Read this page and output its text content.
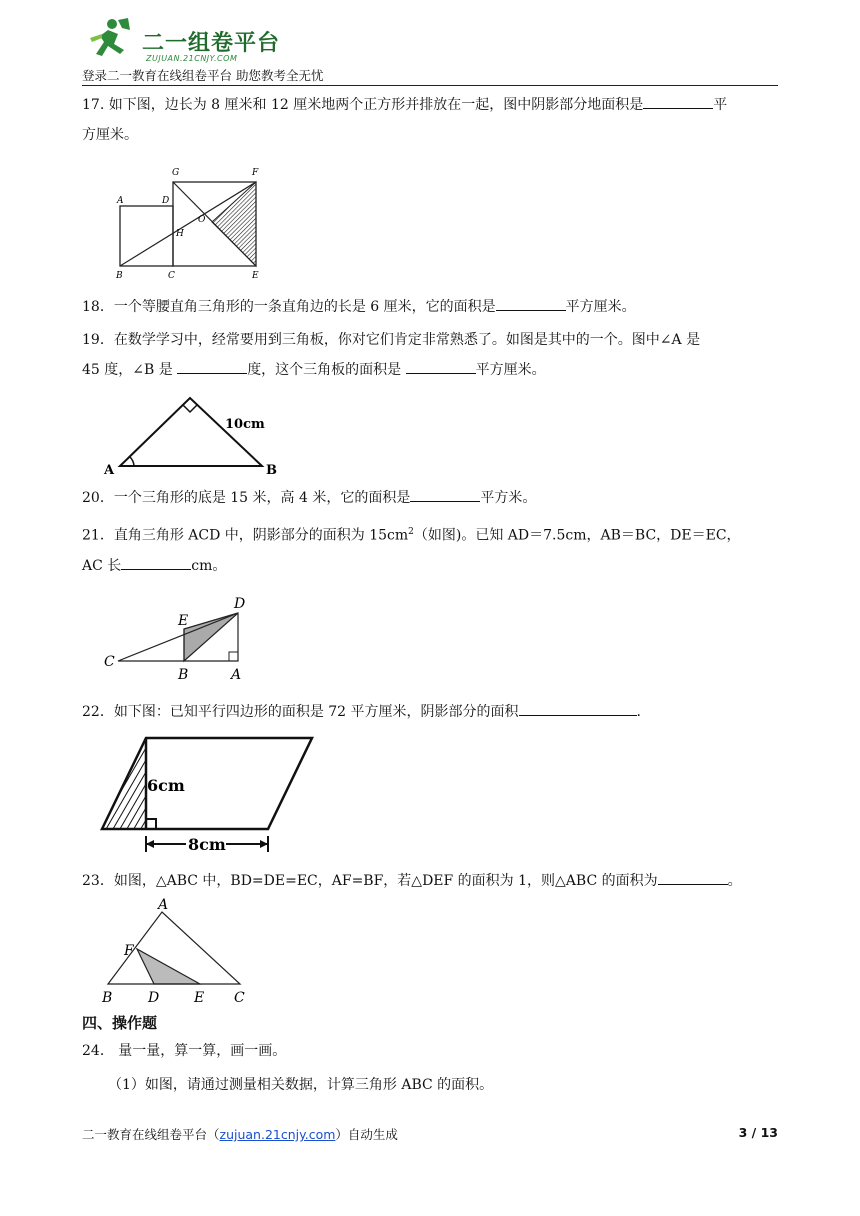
二一组卷平台
ZUJUAN.21CNJY.COM
登录二一教育在线组卷平台 助您教考全无忧
17. 如下图，边长为 8 厘米和 12 厘米地两个正方形并排放在一起，图中阴影部分地面积是	平
方厘米。
G	F
A	D
O
H
B	C	E
18．一个等腰直角三角形的一条直角边的长是 6 厘米，它的面积是	平方厘米。
19．在数学学习中，经常要用到三角板，你对它们肯定非常熟悉了。如图是其中的一个。图中∠A 是
45 度，∠B 是	度，这个三角板的面积是	平方厘米。
10cm
A	B
20．一个三角形的底是 15 米，高 4 米，它的面积是	平方米。
21．直角三角形 ACD 中，阴影部分的面积为 $15cm^2$（如图)。已知 AD＝7.5cm，AB＝BC，DE＝EC，
AC 长	cm。
D
E
C
B	A
22．如下图：已知平行四边形的面积是 72 平方厘米，阴影部分的面积	.
6cm
8cm
23．如图，△ABC 中，BD=DE=EC，AF=BF，若△DEF 的面积为 1，则△ABC 的面积为	。
A
F
B	D E C
四、操作题
24． 量一量，算一算，画一画。
（1）如图，请通过测量相关数据，计算三角形 ABC 的面积。
二一教育在线组卷平台（zujuan.21cnjy.com）自动生成	3 / 13
